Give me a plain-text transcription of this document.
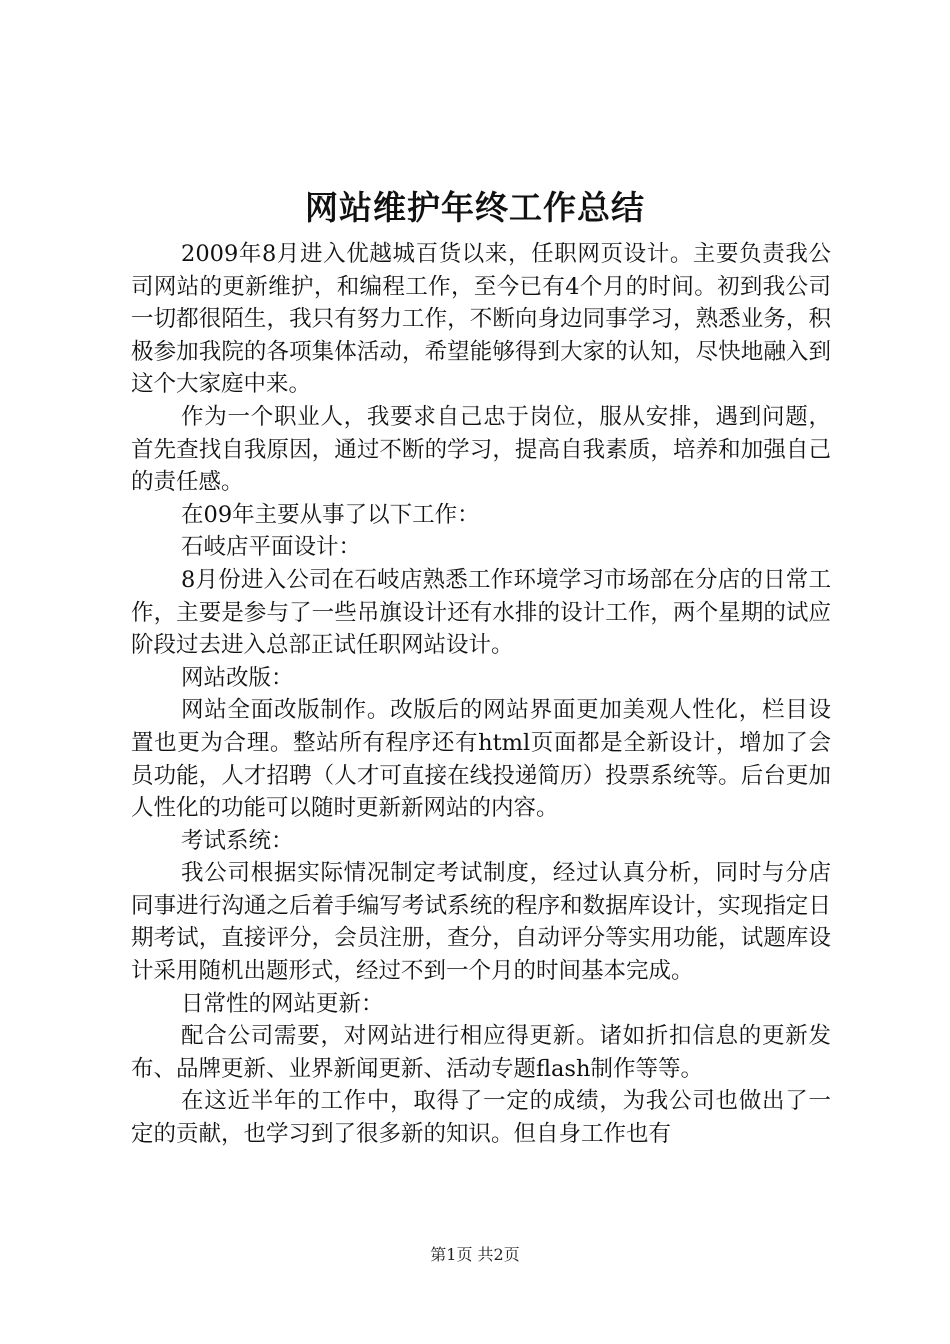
网站维护年终工作总结

2009年8月进入优越城百货以来，任职网页设计。主要负责我公司网站的更新维护，和编程工作，至今已有4个月的时间。初到我公司一切都很陌生，我只有努力工作，不断向身边同事学习，熟悉业务，积极参加我院的各项集体活动，希望能够得到大家的认知，尽快地融入到这个大家庭中来。

作为一个职业人，我要求自己忠于岗位，服从安排，遇到问题，首先查找自我原因，通过不断的学习，提高自我素质，培养和加强自己的责任感。

在09年主要从事了以下工作：

石岐店平面设计：

8月份进入公司在石岐店熟悉工作环境学习市场部在分店的日常工作，主要是参与了一些吊旗设计还有水排的设计工作，两个星期的试应阶段过去进入总部正试任职网站设计。

网站改版：

网站全面改版制作。改版后的网站界面更加美观人性化，栏目设置也更为合理。整站所有程序还有html页面都是全新设计，增加了会员功能，人才招聘（人才可直接在线投递简历）投票系统等。后台更加人性化的功能可以随时更新新网站的内容。

考试系统：

我公司根据实际情况制定考试制度，经过认真分析，同时与分店同事进行沟通之后着手编写考试系统的程序和数据库设计，实现指定日期考试，直接评分，会员注册，查分，自动评分等实用功能，试题库设计采用随机出题形式，经过不到一个月的时间基本完成。

日常性的网站更新：

配合公司需要，对网站进行相应得更新。诸如折扣信息的更新发布、品牌更新、业界新闻更新、活动专题flash制作等等。

在这近半年的工作中，取得了一定的成绩，为我公司也做出了一定的贡献，也学习到了很多新的知识。但自身工作也有

第1页 共2页
